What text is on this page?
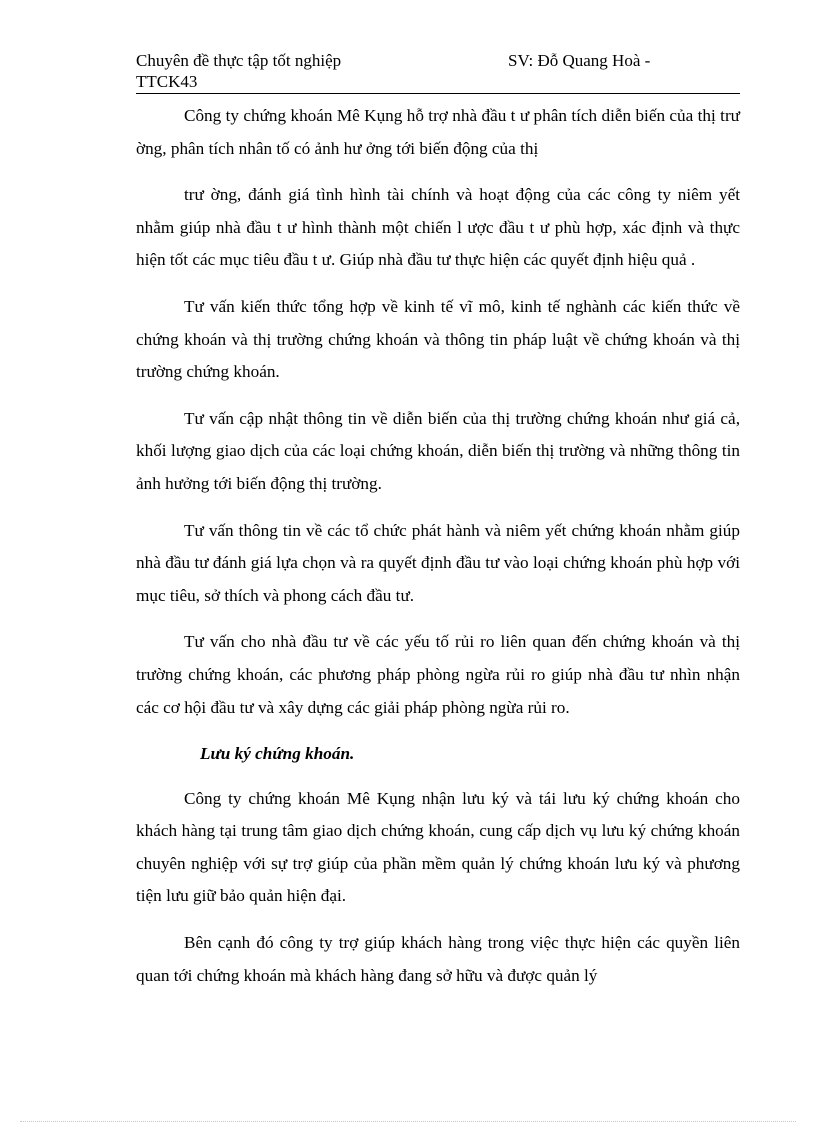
Chuyên đề thực tập tốt nghiệp	SV: Đỗ Quang Hoà -
TTCK43

Công ty chứng khoán Mê Kụng hỗ trợ nhà đầu t ư phân tích diễn biến của thị trư ờng, phân tích nhân tố có ảnh hư ởng tới biến động của thị

trư ờng, đánh giá tình hình tài chính và hoạt động của các công ty niêm yết nhằm giúp nhà đầu t ư hình thành một chiến l ược đầu t ư phù hợp, xác định và thực hiện tốt các mục tiêu đầu t ư. Giúp nhà đầu tư thực hiện các quyết định hiệu quả .

Tư vấn kiến thức tổng hợp về kinh tế vĩ mô, kinh tế nghành các kiến thức về chứng khoán và thị trường chứng khoán và thông tin pháp luật về chứng khoán và thị trường chứng khoán.

Tư vấn cập nhật thông tin về diễn biến của thị trường chứng khoán như giá cả, khối lượng giao dịch của các loại chứng khoán, diễn biến thị trường và những thông tin ảnh hưởng tới biến động thị trường.

Tư vấn thông tin về các tổ chức phát hành và niêm yết chứng khoán nhằm giúp nhà đầu tư đánh giá lựa chọn và ra quyết định đầu tư vào loại chứng khoán phù hợp với mục tiêu, sở thích và phong cách đầu tư.

Tư vấn cho nhà đầu tư về các yếu tố rủi ro liên quan đến chứng khoán và thị trường chứng khoán, các phương pháp phòng ngừa rủi ro giúp nhà đầu tư nhìn nhận các cơ hội đầu tư và xây dựng các giải pháp phòng ngừa rủi ro.

Lưu ký chứng khoán.

Công ty chứng khoán Mê Kụng nhận lưu ký và tái lưu ký chứng khoán cho khách hàng tại trung tâm giao dịch chứng khoán, cung cấp dịch vụ lưu ký chứng khoán chuyên nghiệp với sự trợ giúp của phần mềm quản lý chứng khoán lưu ký và phương tiện lưu giữ bảo quản hiện đại.

Bên cạnh đó công ty trợ giúp khách hàng trong việc thực hiện các quyền liên quan tới chứng khoán mà khách hàng đang sở hữu và được quản lý
